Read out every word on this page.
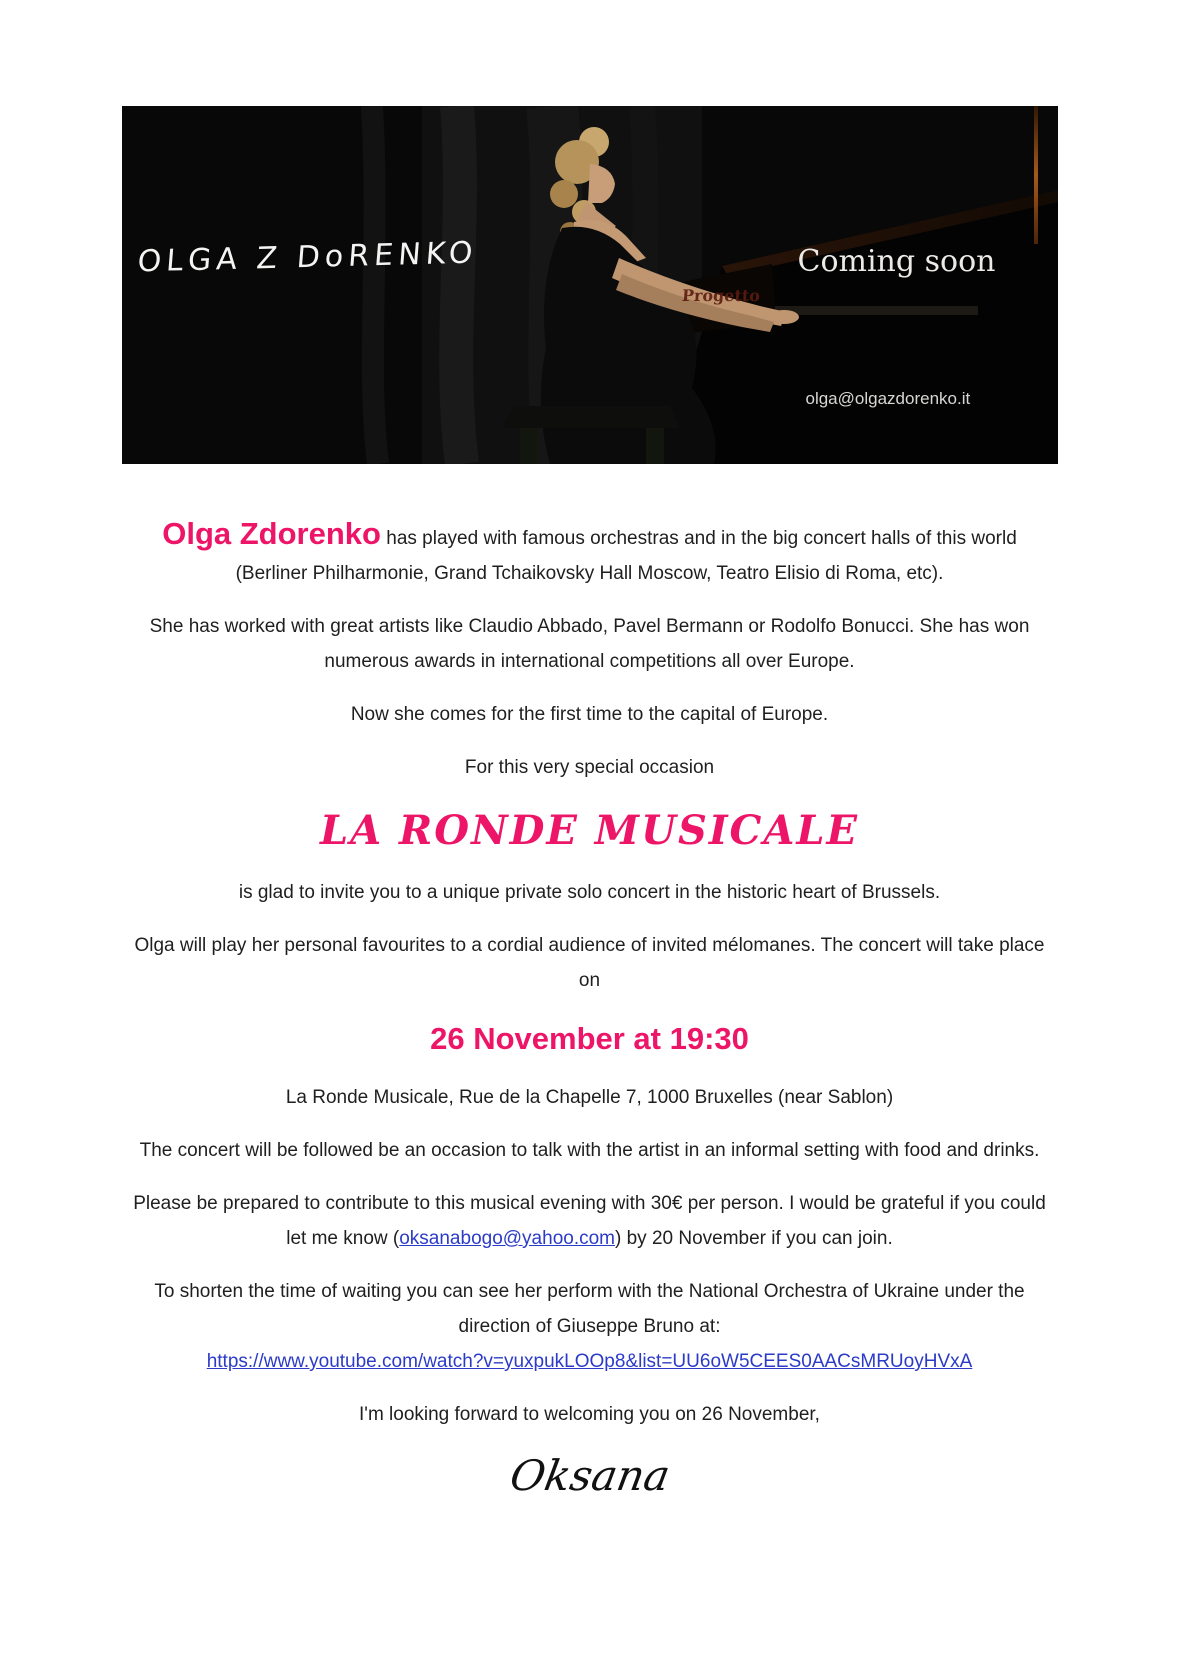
OLGA Z DoRENKO	Coming soon
Progetto
olga@olgazdorenko.it

Olga Zdorenko has played with famous orchestras and in the big concert halls of this world (Berliner Philharmonie, Grand Tchaikovsky Hall Moscow, Teatro Elisio di Roma, etc).

She has worked with great artists like Claudio Abbado, Pavel Bermann or Rodolfo Bonucci. She has won numerous awards in international competitions all over Europe.

Now she comes for the first time to the capital of Europe.

For this very special occasion

LA RONDE MUSICALE

is glad to invite you to a unique private solo concert in the historic heart of Brussels.

Olga will play her personal favourites to a cordial audience of invited mélomanes. The concert will take place on

26 November at 19:30

La Ronde Musicale, Rue de la Chapelle 7, 1000 Bruxelles (near Sablon)

The concert will be followed be an occasion to talk with the artist in an informal setting with food and drinks.

Please be prepared to contribute to this musical evening with 30€ per person. I would be grateful if you could let me know (oksanabogo@yahoo.com) by 20 November if you can join.

To shorten the time of waiting you can see her perform with the National Orchestra of Ukraine under the direction of Giuseppe Bruno at:
https://www.youtube.com/watch?v=yuxpukLOOp8&list=UU6oW5CEES0AACsMRUoyHVxA

I'm looking forward to welcoming you on 26 November,

Oksana
